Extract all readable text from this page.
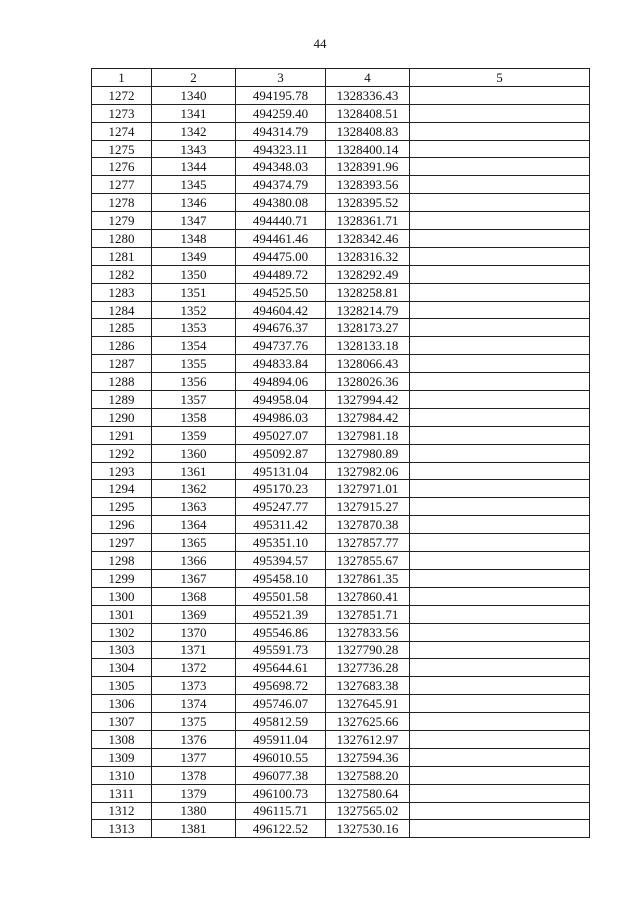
44
1	2	3	4	5
1272	1340	494195.78	1328336.43	
1273	1341	494259.40	1328408.51	
1274	1342	494314.79	1328408.83	
1275	1343	494323.11	1328400.14	
1276	1344	494348.03	1328391.96	
1277	1345	494374.79	1328393.56	
1278	1346	494380.08	1328395.52	
1279	1347	494440.71	1328361.71	
1280	1348	494461.46	1328342.46	
1281	1349	494475.00	1328316.32	
1282	1350	494489.72	1328292.49	
1283	1351	494525.50	1328258.81	
1284	1352	494604.42	1328214.79	
1285	1353	494676.37	1328173.27	
1286	1354	494737.76	1328133.18	
1287	1355	494833.84	1328066.43	
1288	1356	494894.06	1328026.36	
1289	1357	494958.04	1327994.42	
1290	1358	494986.03	1327984.42	
1291	1359	495027.07	1327981.18	
1292	1360	495092.87	1327980.89	
1293	1361	495131.04	1327982.06	
1294	1362	495170.23	1327971.01	
1295	1363	495247.77	1327915.27	
1296	1364	495311.42	1327870.38	
1297	1365	495351.10	1327857.77	
1298	1366	495394.57	1327855.67	
1299	1367	495458.10	1327861.35	
1300	1368	495501.58	1327860.41	
1301	1369	495521.39	1327851.71	
1302	1370	495546.86	1327833.56	
1303	1371	495591.73	1327790.28	
1304	1372	495644.61	1327736.28	
1305	1373	495698.72	1327683.38	
1306	1374	495746.07	1327645.91	
1307	1375	495812.59	1327625.66	
1308	1376	495911.04	1327612.97	
1309	1377	496010.55	1327594.36	
1310	1378	496077.38	1327588.20	
1311	1379	496100.73	1327580.64	
1312	1380	496115.71	1327565.02	
1313	1381	496122.52	1327530.16	
